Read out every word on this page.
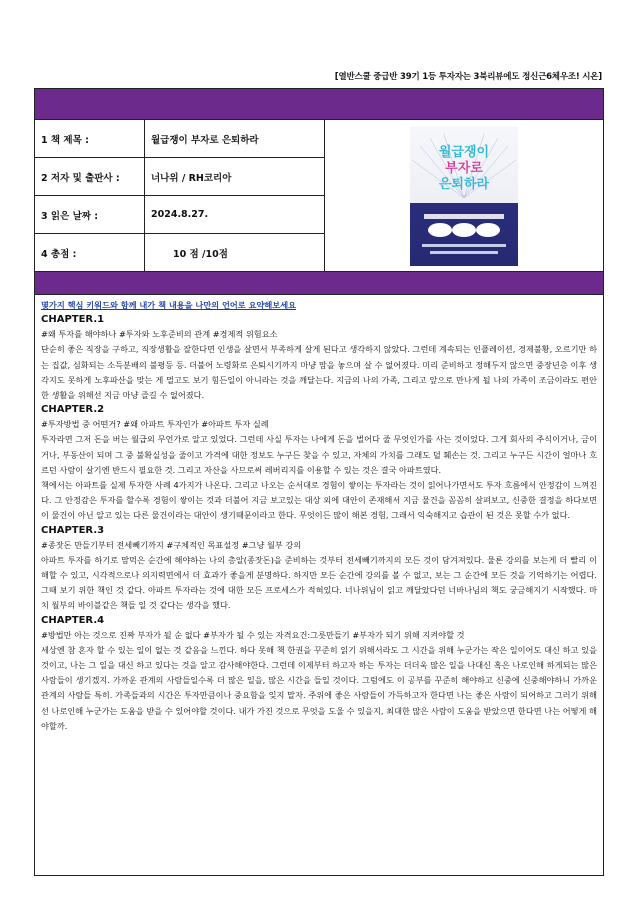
[열반스쿨 중급반 39기 1등 투자자는 3북리뷰에도 정신근6체우조! 시온]
1 책 제목 :	월급쟁이 부자로 은퇴하라
2 저자 및 출판사 :	너나위 / RH코리아
3 읽은 날짜 :	2024.8.27.
4 총점 :	10 점 /10점
월급쟁이
부자로
은퇴하라
몇가지 핵심 키워드와 함께 내가 책 내용을 나만의 언어로 요약해보세요
CHAPTER.1
#왜 투자를 해야하나 #투자와 노후준비의 관계 #경제적 위험요소
단순히 좋은 직장을 구하고, 직장생활을 잘한다면 인생을 살면서 부족하게 살게 된다고 생각하지 않았다. 그런데 계속되는 인플레이션, 경제불황, 오르기만 하는 집값, 심화되는 소득분배의 불평등 등. 더불어 노령화로 은퇴시기까지 마냥 맘을 놓으며 살 수 없어졌다. 미리 준비하고 정해두지 않으면 중장년층 이후 생각지도 못하게 노후파산을 맞는 게 멀고도 보기 힘든일이 아니라는 것을 깨달는다. 지금의 나의 가족, 그리고 앞으로 만나게 될 나의 가족이 조금이라도 편안한 생활을 위해선 지금 마냥 즐길 수 없어졌다.
CHAPTER.2
#투자방법 중 어떤거? #왜 아파트 투자인가 #아파트 투자 실례
투자라면 그저 돈을 버는 월급외 무언가로 알고 있었다. 그런데 사실 투자는 나에게 돈을 벌어다 줄 무엇인가를 사는 것이었다. 그게 회사의 주식이거나, 금이거나, 부동산이 되며 그 중 불확실성을 줄이고 가격에 대한 정보도 누구든 찾을 수 있고, 자체의 가치를 그래도 덜 훼손는 것. 그리고 누구든 시간이 얼마나 흐르던 사람이 살기엔 반드시 필요한 것. 그리고 자산을 사므로써 레버리지를 이용할 수 있는 것은 결국 아파트였다.
책에서는 아파트를 실제 투자한 사례 4가지가 나온다. 그리고 나오는 순서대로 경험이 쌓이는 투자라는 것이 읽어나가면서도 투자 흐름에서 안정감이 느껴진다. 그 안정감은 투자를 할수록 경험이 쌓이는 것과 더불어 지금 보고있는 대상 외에 대안이 존재해서 지금 물건을 꼼꼼히 살펴보고, 신중한 결정을 하다보면 이 물건이 아닌 알고 있는 다른 물건이라는 대안이 생기때문이라고 한다. 무엇이든 많이 해본 경험, 그래서 익숙해지고 습관이 된 것은 못할 수가 없다.
CHAPTER.3
#종잣돈 만들기부터 전세빼기까지 #구체적인 목표설정 #그냥 월부 강의
아파트 투자를 하기로 맘먹은 순간에 해야하는 나의 총알(종잣돈)을 준비하는 것부터 전세빼기까지의 모든 것이 담겨져있다. 물론 강의를 보는게 더 빨리 이해할 수 있고, 시각적으로나 의지력면에서 더 효과가 좋을게 분명하다. 하지만 모든 순간에 강의를 볼 수 없고, 보는 그 순간에 모든 것을 기억하기는 어렵다. 그때 보기 위한 책인 것 같다. 아파트 투자라는 것에 대한 모든 프로세스가 적혀있다. 너나위님이 읽고 깨달았다던 너바나님의 책도 궁금해지기 시작했다. 마치 월부의 바이블같은 책들 일 것 같다는 생각을 했다.
CHAPTER.4
#방법만 아는 것으로 진짜 부자가 될 순 없다 #부자가 될 수 있는 자격요건:그릇만들기 #부자가 되기 위해 지켜야할 것
세상엔 참 혼자 할 수 있는 일이 없는 것 같음을 느낀다. 하다 못해 책 한권을 꾸준히 읽기 위해서라도 그 시간을 위해 누군가는 작은 일이어도 대신 하고 있을 것이고, 나는 그 일을 대신 하고 있다는 것을 알고 감사해야한다. 그런데 이제부터 하고자 하는 투자는 더더욱 많은 일을 나대신 혹은 나로인해 하게되는 많은 사람들이 생기겠지. 가까운 관계의 사람들일수록 더 많은 일을, 많은 시간을 들일 것이다. 그럼에도 이 공부를 꾸준히 해야하고 신중에 신중해야하니 가까운 관계의 사람들 특히. 가족들과의 시간은 투자만큼이나 중요함을 잊지 말자. 주위에 좋은 사람들이 가득하고자 한다면 나는 좋은 사람이 되어하고 그러기 위해선 나로인해 누군가는 도움을 받을 수 있어야할 것이다. 내가 가진 것으로 무엇을 도울 수 있을지, 최대한 많은 사람이 도움을 받았으면 한다면 나는 어떻게 해야할까.
